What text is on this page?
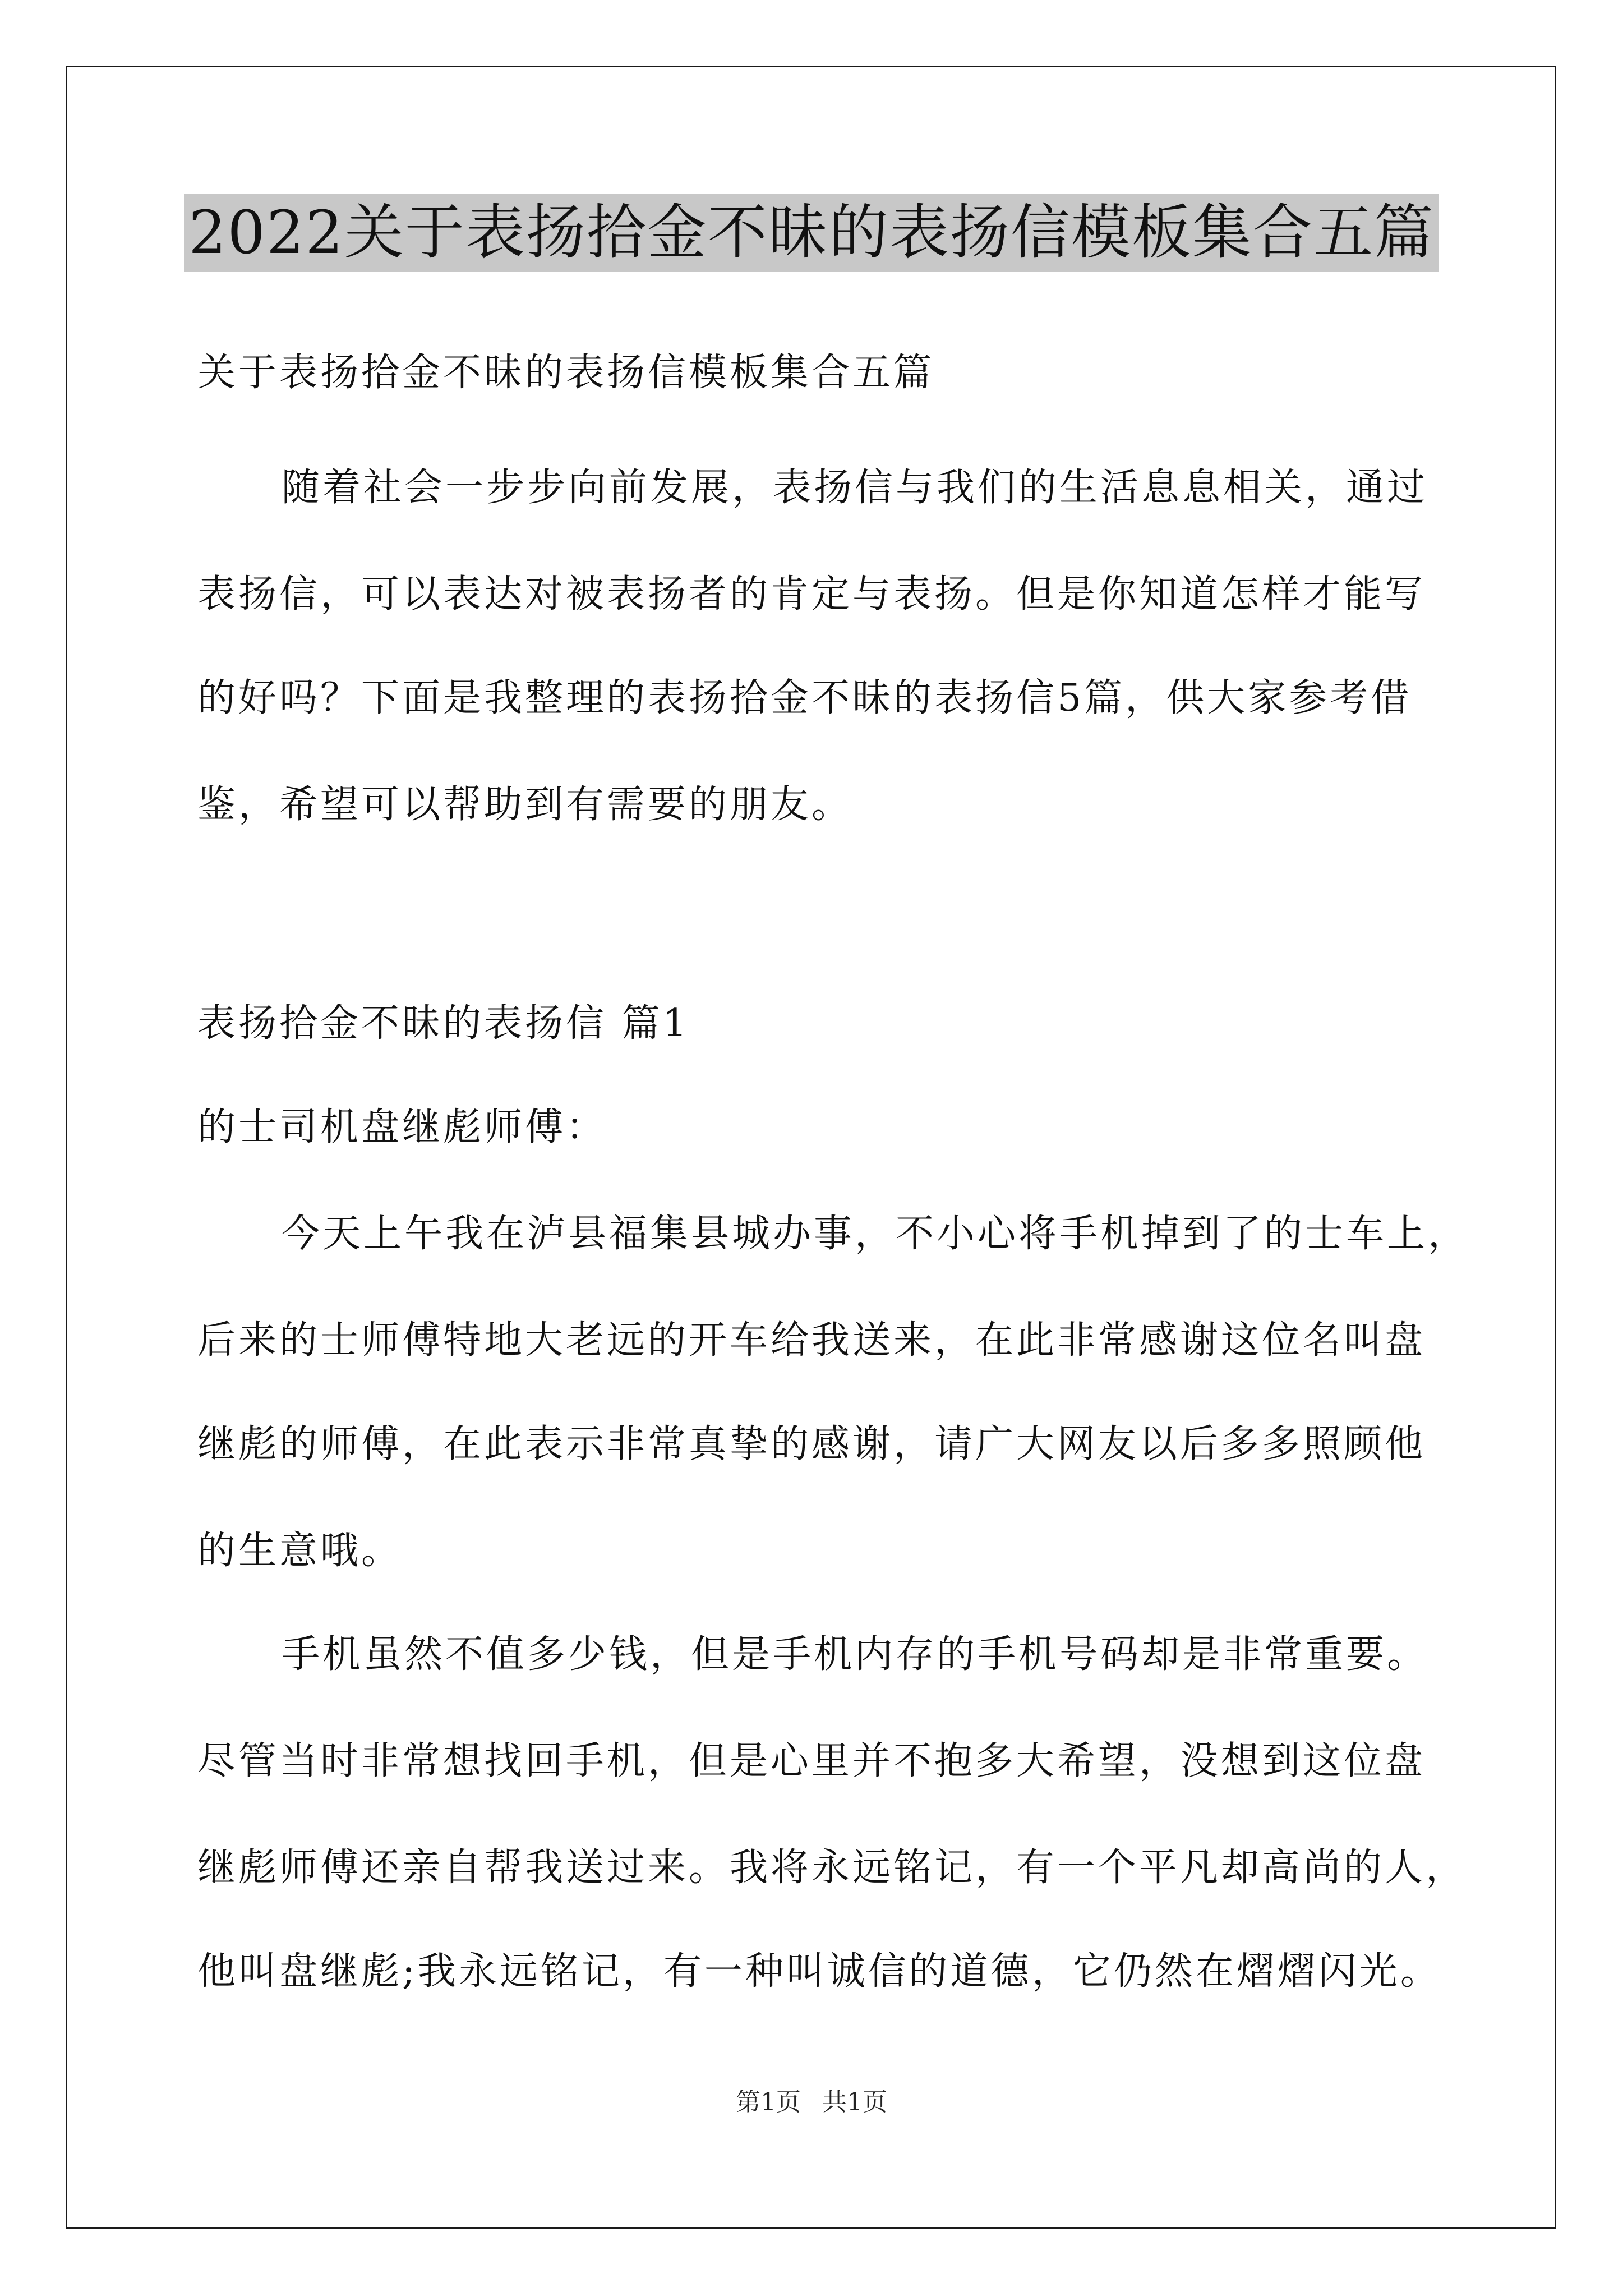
2022关于表扬拾金不昧的表扬信模板集合五篇
关于表扬拾金不昧的表扬信模板集合五篇
随着社会一步步向前发展，表扬信与我们的生活息息相关，通过
表扬信，可以表达对被表扬者的肯定与表扬。但是你知道怎样才能写
的好吗？下面是我整理的表扬拾金不昧的表扬信5篇，供大家参考借
鉴，希望可以帮助到有需要的朋友。
表扬拾金不昧的表扬信 篇1
的士司机盘继彪师傅：
今天上午我在泸县福集县城办事，不小心将手机掉到了的士车上，
后来的士师傅特地大老远的开车给我送来，在此非常感谢这位名叫盘
继彪的师傅，在此表示非常真挚的感谢，请广大网友以后多多照顾他
的生意哦。
手机虽然不值多少钱，但是手机内存的手机号码却是非常重要。
尽管当时非常想找回手机，但是心里并不抱多大希望，没想到这位盘
继彪师傅还亲自帮我送过来。我将永远铭记，有一个平凡却高尚的人，
他叫盘继彪;我永远铭记，有一种叫诚信的道德，它仍然在熠熠闪光。
第1页 共1页
